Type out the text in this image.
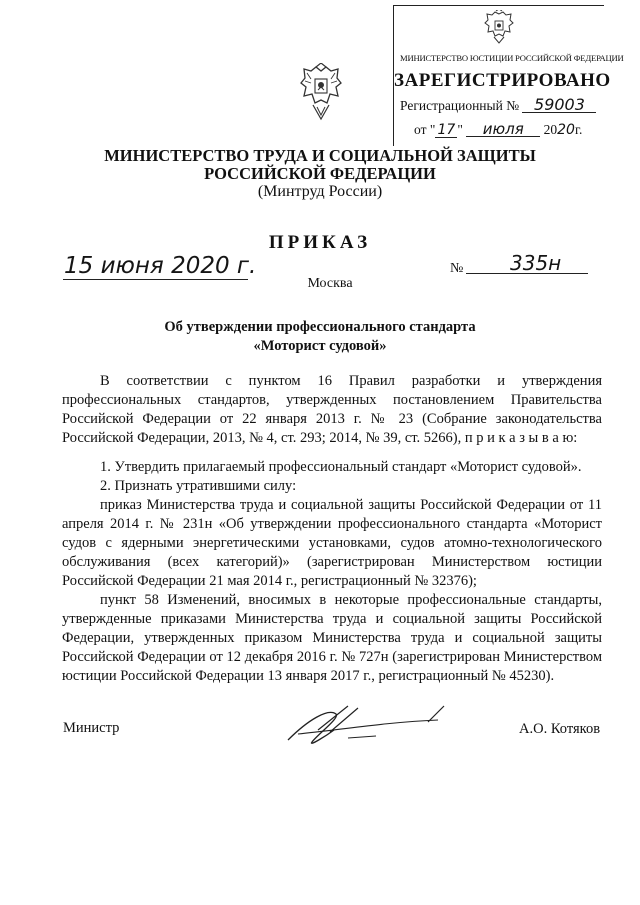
МИНИСТЕРСТВО ЮСТИЦИИ РОССИЙСКОЙ ФЕДЕРАЦИИ
ЗАРЕГИСТРИРОВАНО
Регистрационный № 59003
от " 17 " июля 2020г.
МИНИСТЕРСТВО ТРУДА И СОЦИАЛЬНОЙ ЗАЩИТЫ
РОССИЙСКОЙ ФЕДЕРАЦИИ
(Минтруд России)
ПРИКАЗ
15 июня 2020 г.	№ 335н
Москва
Об утверждении профессионального стандарта
«Моторист судовой»
В соответствии с пунктом 16 Правил разработки и утверждения профессиональных стандартов, утвержденных постановлением Правительства Российской Федерации от 22 января 2013 г. № 23 (Собрание законодательства Российской Федерации, 2013, № 4, ст. 293; 2014, № 39, ст. 5266), п р и к а з ы в а ю:
1. Утвердить прилагаемый профессиональный стандарт «Моторист судовой».
2. Признать утратившими силу:
приказ Министерства труда и социальной защиты Российской Федерации от 11 апреля 2014 г. № 231н «Об утверждении профессионального стандарта «Моторист судов с ядерными энергетическими установками, судов атомно-технологического обслуживания (всех категорий)» (зарегистрирован Министерством юстиции Российской Федерации 21 мая 2014 г., регистрационный № 32376);
пункт 58 Изменений, вносимых в некоторые профессиональные стандарты, утвержденные приказами Министерства труда и социальной защиты Российской Федерации, утвержденных приказом Министерства труда и социальной защиты Российской Федерации от 12 декабря 2016 г. № 727н (зарегистрирован Министерством юстиции Российской Федерации 13 января 2017 г., регистрационный № 45230).
Министр	А.О. Котяков
